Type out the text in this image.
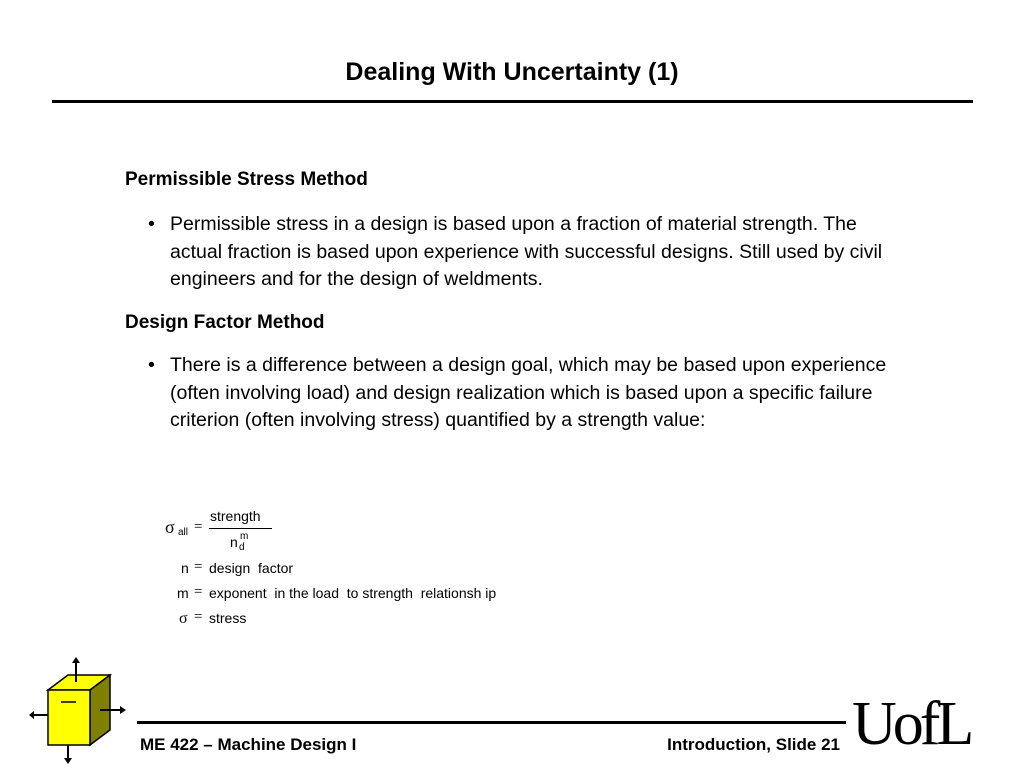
Dealing With Uncertainty (1)
Permissible Stress Method
• Permissible stress in a design is based upon a fraction of material strength. The actual fraction is based upon experience with successful designs. Still used by civil engineers and for the design of weldments.
Design Factor Method
• There is a difference between a design goal, which may be based upon experience (often involving load) and design realization which is based upon a specific failure criterion (often involving stress) quantified by a strength value:
σ all =
strength
n m
d
n = design  factor
m = exponent  in the load  to strength  relationsh ip
σ = stress
ME 422 – Machine Design I	Introduction, Slide 21 UofL
